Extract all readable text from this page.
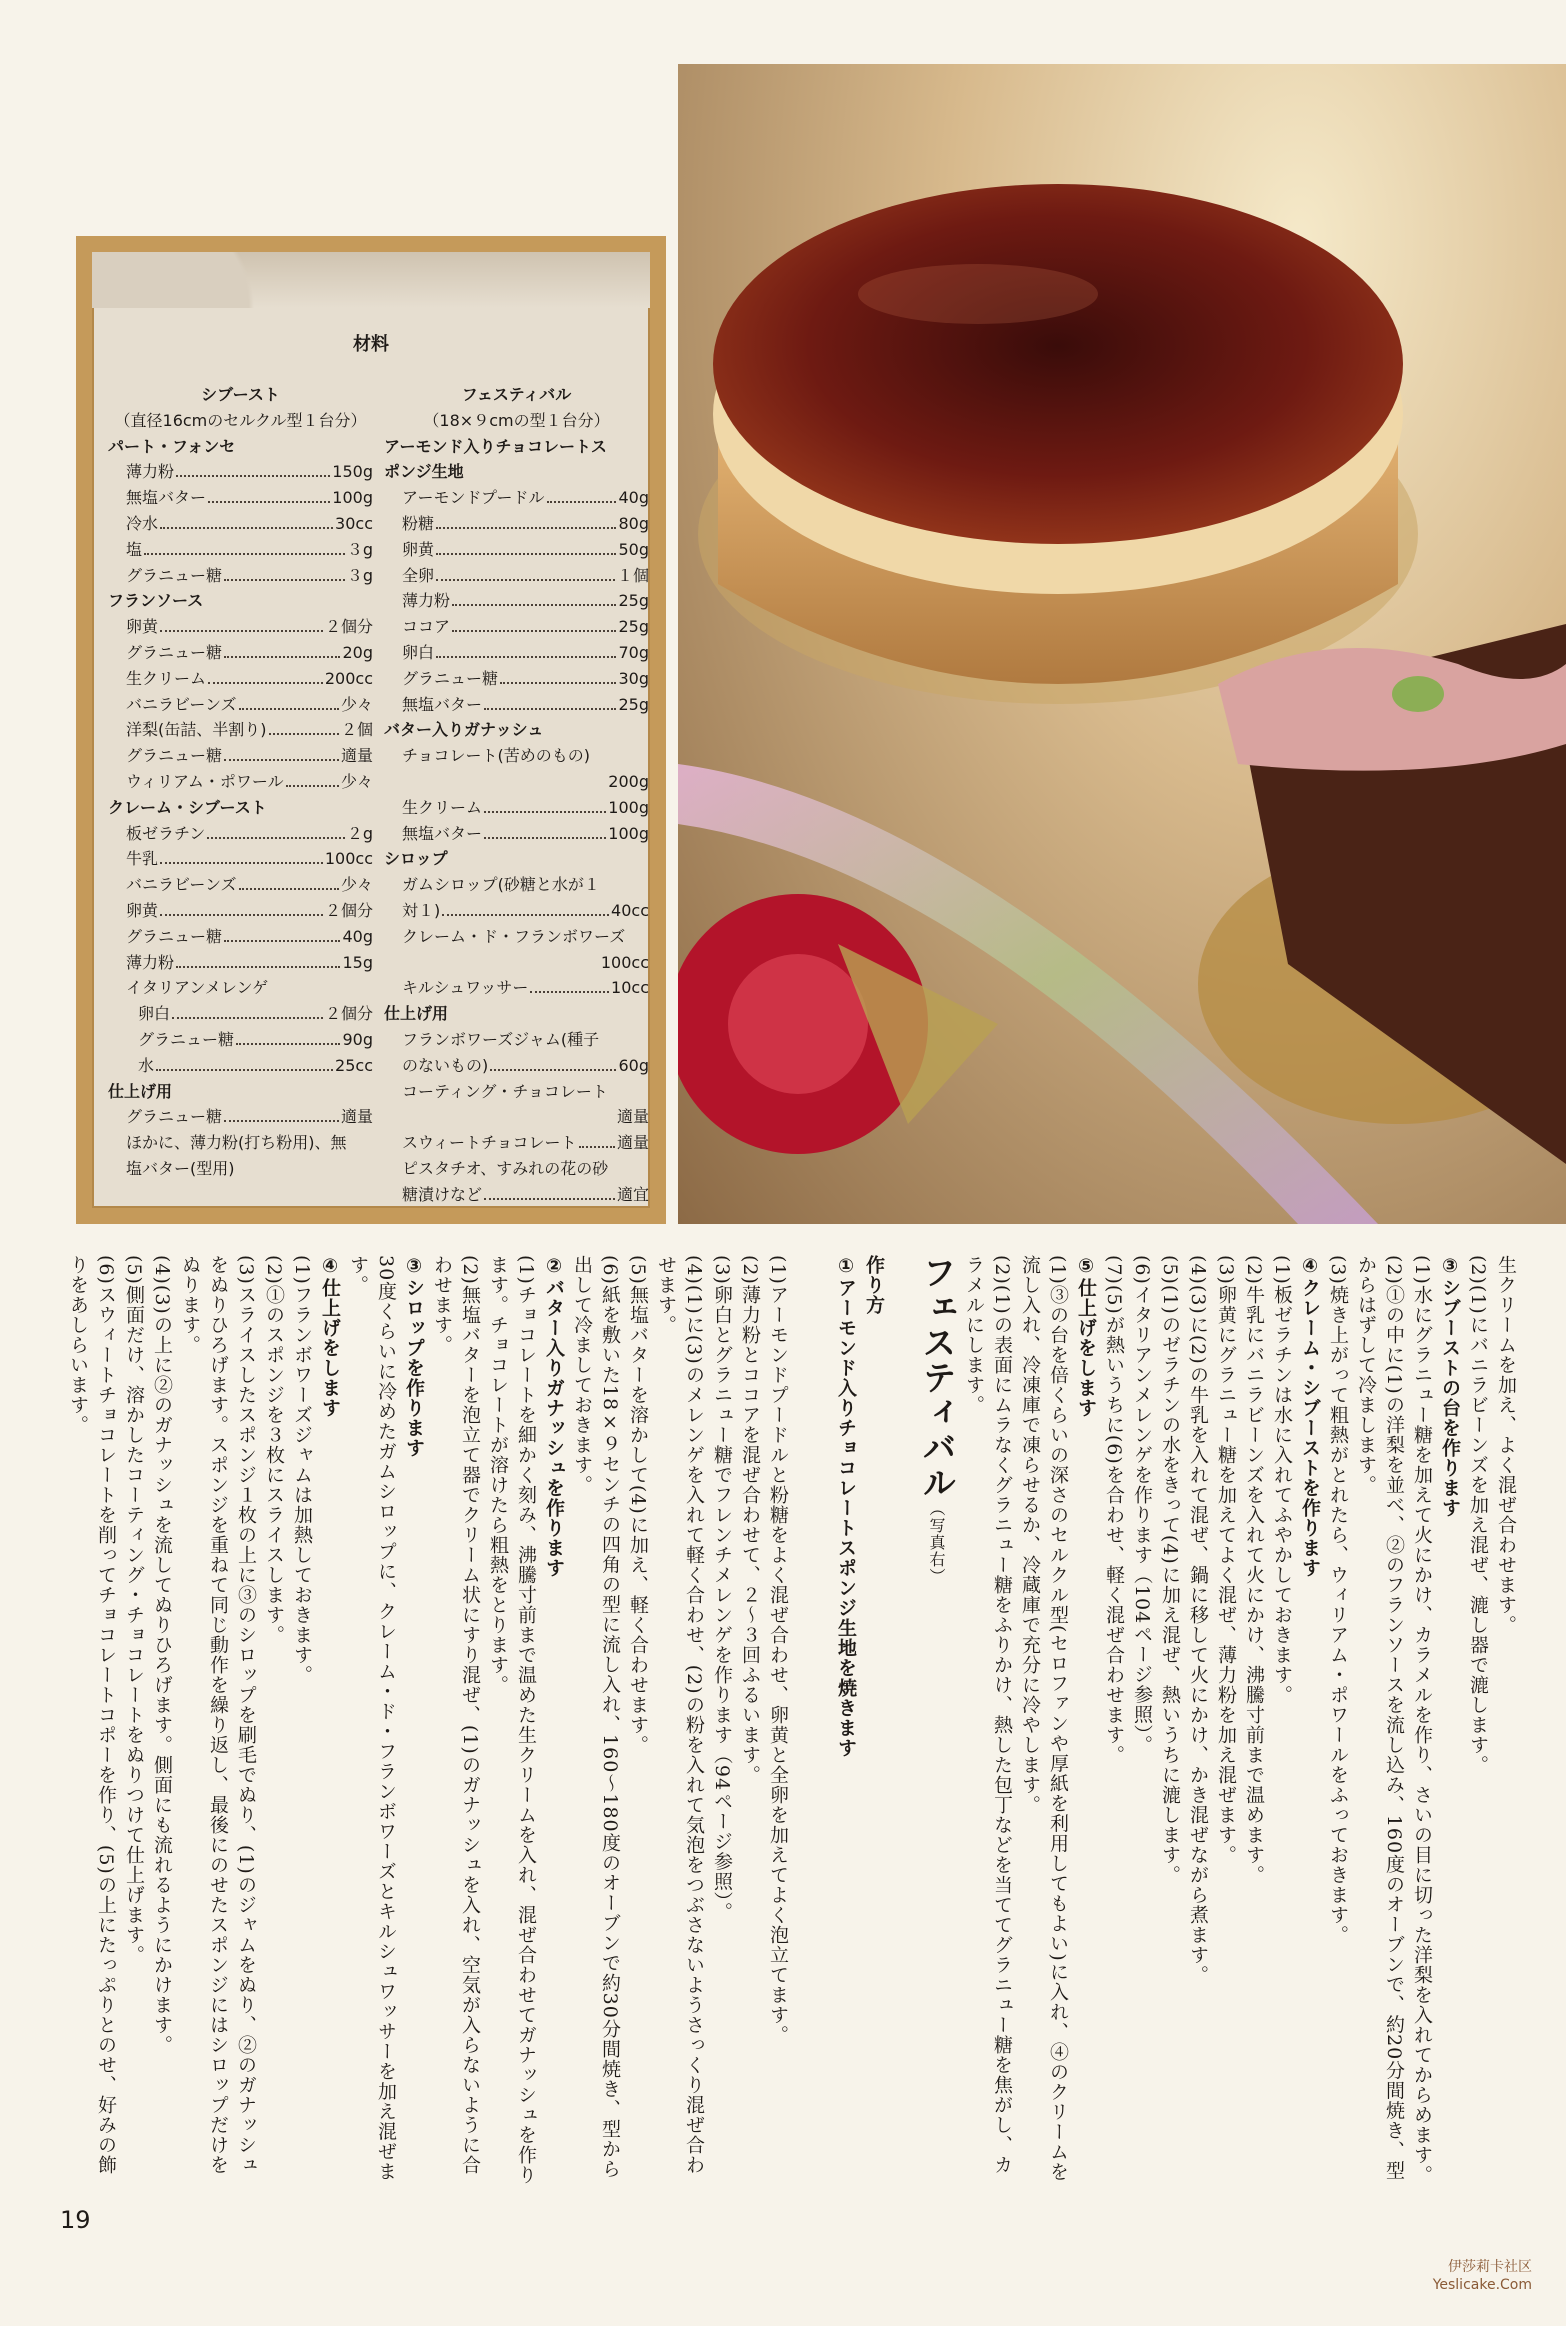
材料
シブースト
（直径16cmのセルクル型１台分）
パート・フォンセ
薄力粉	150g
無塩バター	100g
冷水	30cc
塩	３g
グラニュー糖	３g
フランソース
卵黄	２個分
グラニュー糖	20g
生クリーム	200cc
バニラビーンズ	少々
洋梨(缶詰、半割り)	２個
グラニュー糖	適量
ウィリアム・ポワール	少々
クレーム・シブースト
板ゼラチン	２g
牛乳	100cc
バニラビーンズ	少々
卵黄	２個分
グラニュー糖	40g
薄力粉	15g
イタリアンメレンゲ
卵白	２個分
グラニュー糖	90g
水	25cc
仕上げ用
グラニュー糖	適量
ほかに、薄力粉(打ち粉用)、無
塩バター(型用)
フェスティバル
（18×９cmの型１台分）
アーモンド入りチョコレートス
ポンジ生地
アーモンドプードル	40g
粉糖	80g
卵黄	50g
全卵	１個
薄力粉	25g
ココア	25g
卵白	70g
グラニュー糖	30g
無塩バター	25g
バター入りガナッシュ
チョコレート(苦めのもの)
200g
生クリーム	100g
無塩バター	100g
シロップ
ガムシロップ(砂糖と水が１
対１)	40cc
クレーム・ド・フランボワーズ
100cc
キルシュワッサー	10cc
仕上げ用
フランボワーズジャム(種子
のないもの)	60g
コーティング・チョコレート
適量
スウィートチョコレート	適量
ピスタチオ、すみれの花の砂
糖漬けなど	適宜
生クリームを加え、よく混ぜ合わせます。
(2)(1)にバニラビーンズを加え混ぜ、漉し器で漉します。
③シブーストの台を作ります
(1)水にグラニュー糖を加えて火にかけ、カラメルを作り、さいの目に切った洋梨を入れてからめます。
(2)①の中に(1)の洋梨を並べ、②のフランソースを流し込み、160度のオーブンで、約20分間焼き、型からはずして冷まします。
(3)焼き上がって粗熱がとれたら、ウィリアム・ポワールをふっておきます。
④クレーム・シブーストを作ります
(1)板ゼラチンは水に入れてふやかしておきます。
(2)牛乳にバニラビーンズを入れて火にかけ、沸騰寸前まで温めます。
(3)卵黄にグラニュー糖を加えてよく混ぜ、薄力粉を加え混ぜます。
(4)(3)に(2)の牛乳を入れて混ぜ、鍋に移して火にかけ、かき混ぜながら煮ます。
(5)(1)のゼラチンの水をきって(4)に加え混ぜ、熱いうちに漉します。
(6)イタリアンメレンゲを作ります（104ページ参照）。
(7)(5)が熱いうちに(6)を合わせ、軽く混ぜ合わせます。
⑤仕上げをします
(1)③の台を倍くらいの深さのセルクル型(セロファンや厚紙を利用してもよい)に入れ、④のクリームを流し入れ、冷凍庫で凍らせるか、冷蔵庫で充分に冷やします。
(2)(1)の表面にムラなくグラニュー糖をふりかけ、熱した包丁などを当ててグラニュー糖を焦がし、カラメルにします。
フェスティバル（写真右）
作り方
①アーモンド入りチョコレートスポンジ生地を焼きます
(1)アーモンドプードルと粉糖をよく混ぜ合わせ、卵黄と全卵を加えてよく泡立てます。
(2)薄力粉とココアを混ぜ合わせて、２〜３回ふるいます。
(3)卵白とグラニュー糖でフレンチメレンゲを作ります（94ページ参照）。
(4)(1)に(3)のメレンゲを入れて軽く合わせ、(2)の粉を入れて気泡をつぶさないようさっくり混ぜ合わせます。
(5)無塩バターを溶かして(4)に加え、軽く合わせます。
(6)紙を敷いた18×９センチの四角の型に流し入れ、160〜180度のオーブンで約30分間焼き、型から出して冷ましておきます。
②バター入りガナッシュを作ります
(1)チョコレートを細かく刻み、沸騰寸前まで温めた生クリームを入れ、混ぜ合わせてガナッシュを作ります。チョコレートが溶けたら粗熱をとります。
(2)無塩バターを泡立て器でクリーム状にすり混ぜ、(1)のガナッシュを入れ、空気が入らないように合わせます。
③シロップを作ります
30度くらいに冷めたガムシロップに、クレーム・ド・フランボワーズとキルシュワッサーを加え混ぜます。
④仕上げをします
(1)フランボワーズジャムは加熱しておきます。
(2)①のスポンジを３枚にスライスします。
(3)スライスしたスポンジ１枚の上に③のシロップを刷毛でぬり、(1)のジャムをぬり、②のガナッシュをぬりひろげます。スポンジを重ねて同じ動作を繰り返し、最後にのせたスポンジにはシロップだけをぬります。
(4)(3)の上に②のガナッシュを流してぬりひろげます。側面にも流れるようにかけます。
(5)側面だけ、溶かしたコーティング・チョコレートをぬりつけて仕上げます。
(6)スウィートチョコレートを削ってチョコレートコポーを作り、(5)の上にたっぷりとのせ、好みの飾りをあしらいます。
19
伊莎莉卡社区
Yeslicake.Com
